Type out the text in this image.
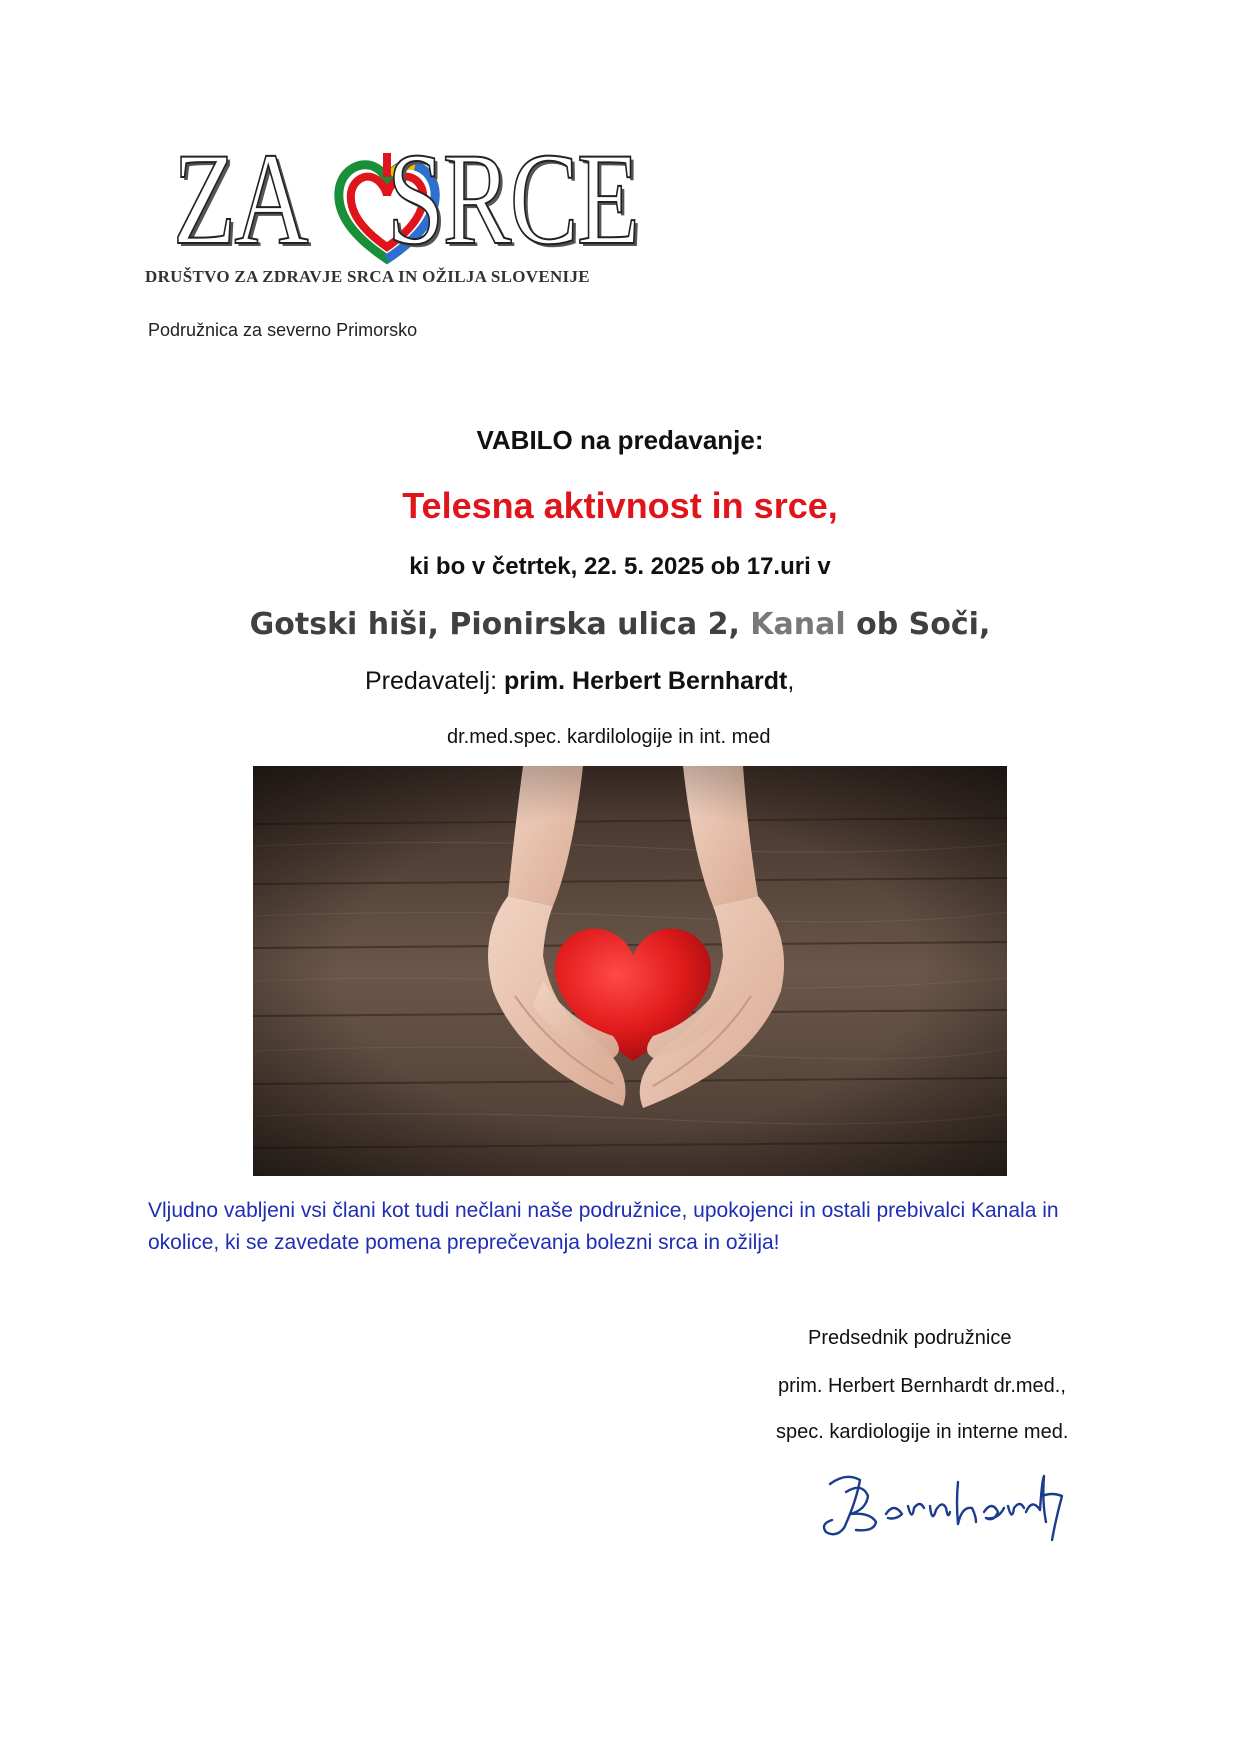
ZA SRCE
DRUŠTVO ZA ZDRAVJE SRCA IN OŽILJA SLOVENIJE
Podružnica za severno Primorsko
VABILO na predavanje:
Telesna aktivnost in srce,
ki bo v četrtek, 22. 5. 2025 ob 17.uri v
Gotski hiši, Pionirska ulica 2, Kanal ob Soči,
Predavatelj: prim. Herbert Bernhardt,
dr.med.spec. kardilologije in int. med
Vljudno vabljeni vsi člani kot tudi nečlani naše podružnice, upokojenci in ostali prebivalci Kanala in okolice, ki se zavedate pomena preprečevanja bolezni srca in ožilja!
Predsednik podružnice
prim. Herbert Bernhardt dr.med.,
spec. kardiologije in interne med.
